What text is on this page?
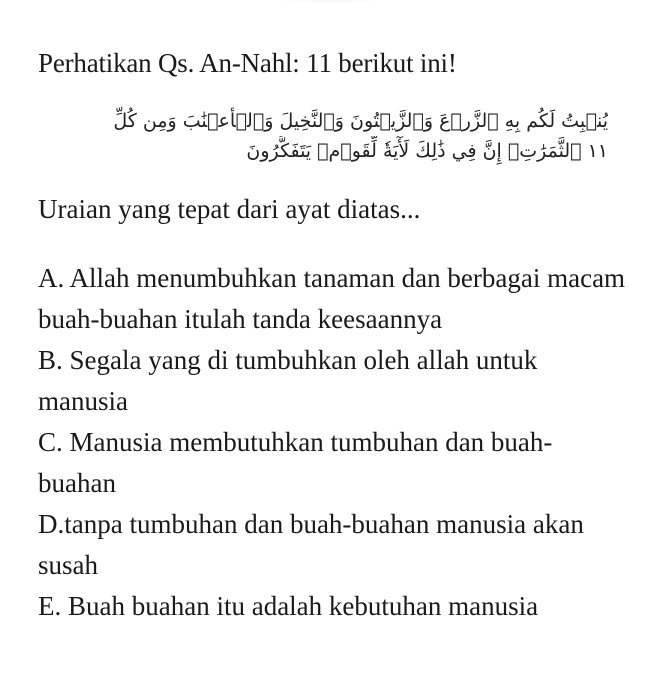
Perhatikan Qs. An-Nahl: 11 berikut ini!
يُنۢبِتُ لَكُم بِهِ ٱلزَّرۡعَ وَٱلزَّيۡتُونَ وَٱلنَّخِيلَ وَٱلۡأَعۡنَٰبَ وَمِن كُلِّ
١١ ٱلثَّمَرَٰتِۚ إِنَّ فِي ذَٰلِكَ لَأٓيَةٗ لِّقَوۡمٖ يَتَفَكَّرُونَ
Uraian yang tepat dari ayat diatas...
A. Allah menumbuhkan tanaman dan berbagai macam buah-buahan itulah tanda keesaannya
B. Segala yang di tumbuhkan oleh allah untuk manusia
C. Manusia membutuhkan tumbuhan dan buah-buahan
D.tanpa tumbuhan dan buah-buahan manusia akan susah
E. Buah buahan itu adalah kebutuhan manusia
